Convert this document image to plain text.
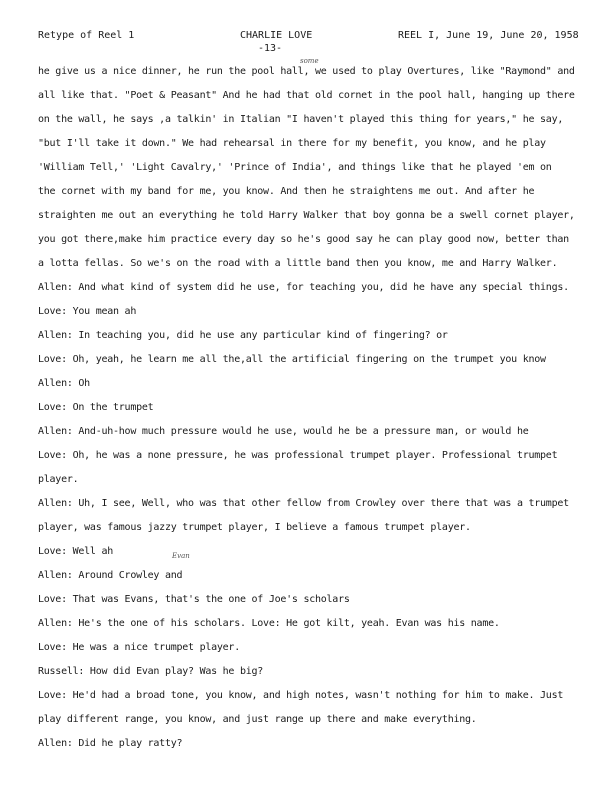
Retype of Reel 1	CHARLIE LOVE
-13-
REEL I, June 19, June 20, 1958
some
Evan
he give us a nice dinner, he run the pool hall, we used to play Overtures, like "Raymond" and
all like that. "Poet & Peasant" And he had that old cornet in the pool hall, hanging up there
on the wall, he says ,a talkin' in Italian "I haven't played this thing for years," he say,
"but I'll take it down." We had rehearsal in there for my benefit, you know, and he play
'William Tell,' 'Light Cavalry,' 'Prince of India', and things like that he played 'em on
the cornet with my band for me, you know. And then he straightens me out. And after he
straighten me out an everything he told Harry Walker that boy gonna be a swell cornet player,
you got there,make him practice every day so he's good say he can play good now, better than
a lotta fellas. So we's on the road with a little band then you know, me and Harry Walker.
Allen: And what kind of system did he use, for teaching you, did he have any special things.
Love: You mean ah
Allen: In teaching you, did he use any particular kind of fingering? or
Love: Oh, yeah, he learn me all the,all the artificial fingering on the trumpet you know
Allen: Oh
Love: On the trumpet
Allen: And-uh-how much pressure would he use, would he be a pressure man, or would he
Love: Oh, he was a none pressure, he was professional trumpet player. Professional trumpet
player.
Allen: Uh, I see, Well, who was that other fellow from Crowley over there that was a trumpet
player, was famous jazzy trumpet player, I believe a famous trumpet player.
Love: Well ah
Allen: Around Crowley and
Love: That was Evans, that's the one of Joe's scholars
Allen: He's the one of his scholars. Love: He got kilt, yeah. Evan was his name.
Love: He was a nice trumpet player.
Russell: How did Evan play? Was he big?
Love: He'd had a broad tone, you know, and high notes, wasn't nothing for him to make. Just
play different range, you know, and just range up there and make everything.
Allen: Did he play ratty?
